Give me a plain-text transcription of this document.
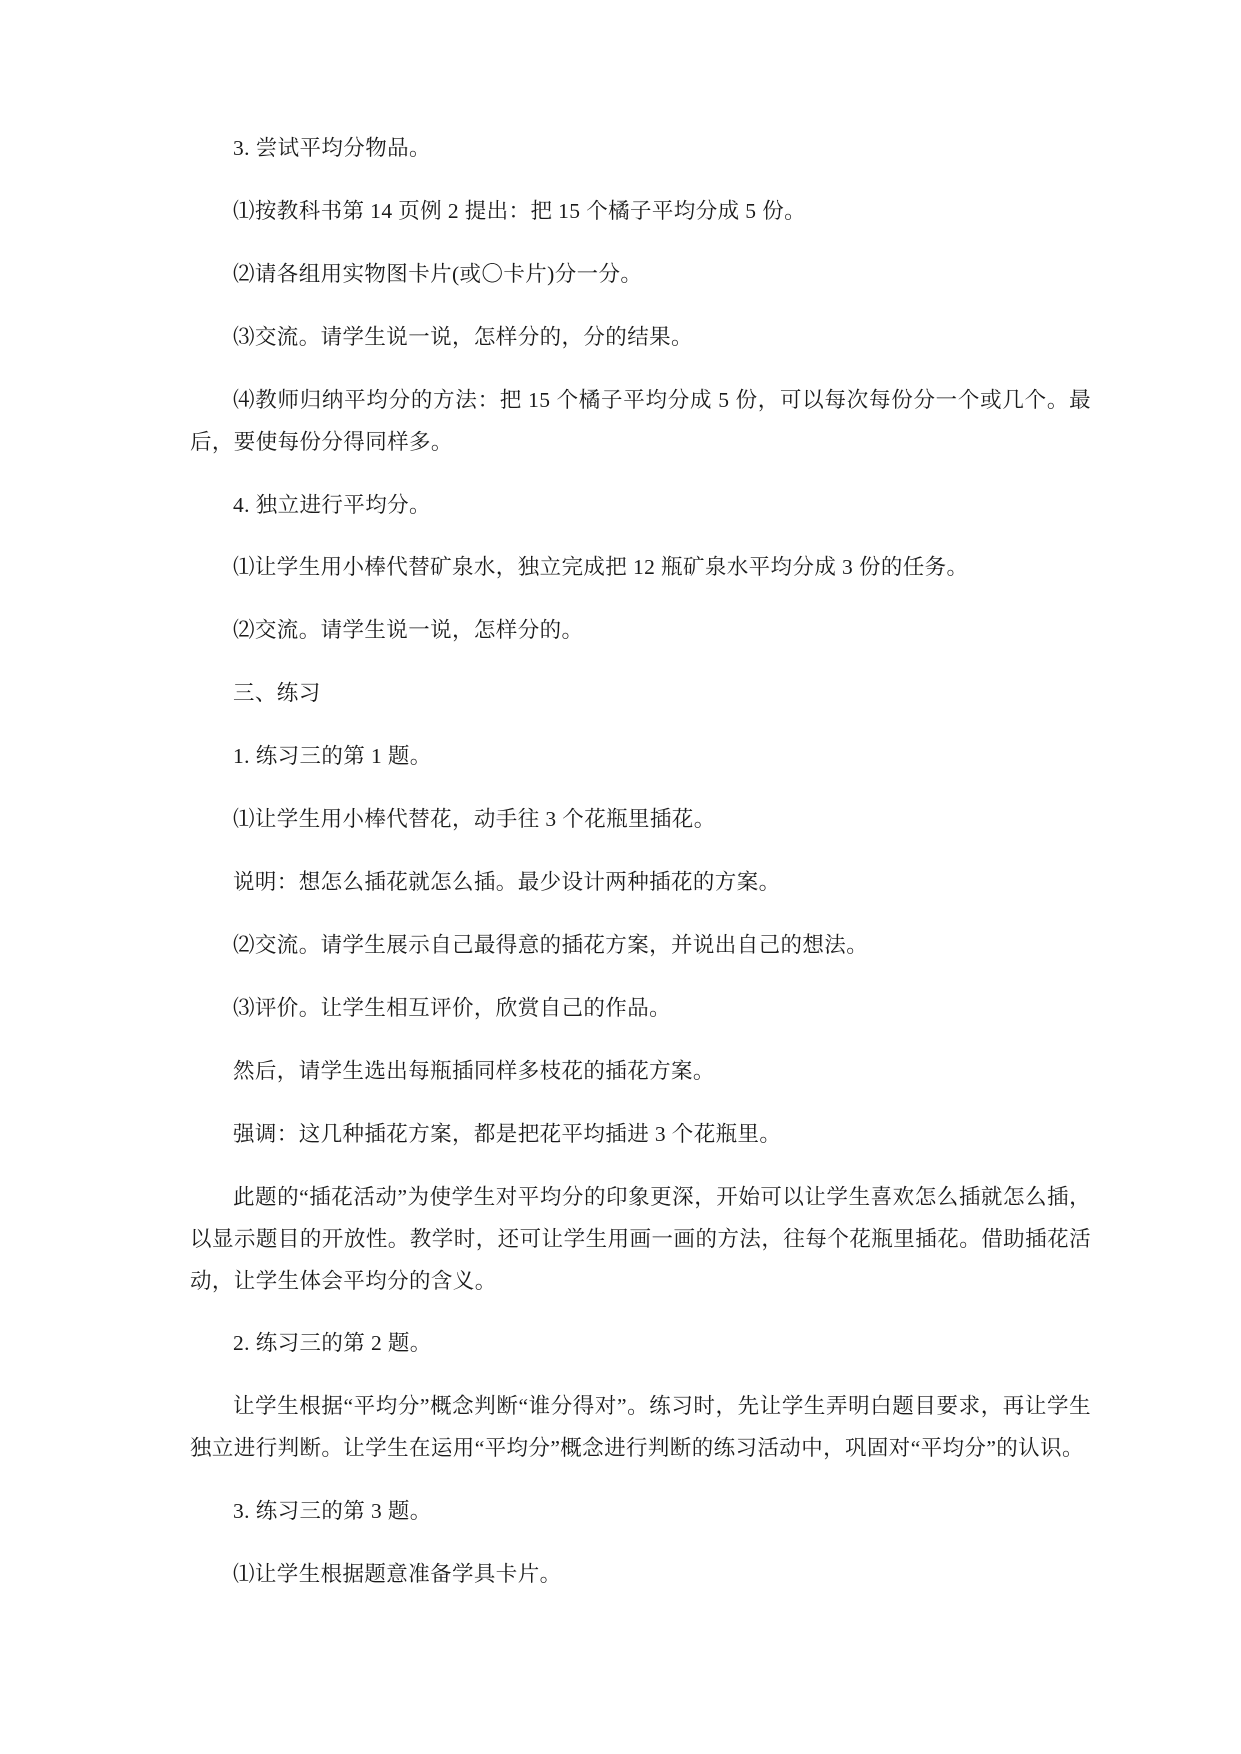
3. 尝试平均分物品。

⑴按教科书第 14 页例 2 提出：把 15 个橘子平均分成 5 份。

⑵请各组用实物图卡片(或〇卡片)分一分。

⑶交流。请学生说一说，怎样分的，分的结果。

⑷教师归纳平均分的方法：把 15 个橘子平均分成 5 份，可以每次每份分一个或几个。最后，要使每份分得同样多。

4. 独立进行平均分。

⑴让学生用小棒代替矿泉水，独立完成把 12 瓶矿泉水平均分成 3 份的任务。

⑵交流。请学生说一说，怎样分的。

三、练习

1. 练习三的第 1 题。

⑴让学生用小棒代替花，动手往 3 个花瓶里插花。

说明：想怎么插花就怎么插。最少设计两种插花的方案。

⑵交流。请学生展示自己最得意的插花方案，并说出自己的想法。

⑶评价。让学生相互评价，欣赏自己的作品。

然后，请学生选出每瓶插同样多枝花的插花方案。

强调：这几种插花方案，都是把花平均插进 3 个花瓶里。

此题的“插花活动”为使学生对平均分的印象更深，开始可以让学生喜欢怎么插就怎么插，以显示题目的开放性。教学时，还可让学生用画一画的方法，往每个花瓶里插花。借助插花活动，让学生体会平均分的含义。

2. 练习三的第 2 题。

让学生根据“平均分”概念判断“谁分得对”。练习时，先让学生弄明白题目要求，再让学生独立进行判断。让学生在运用“平均分”概念进行判断的练习活动中，巩固对“平均分”的认识。

3. 练习三的第 3 题。

⑴让学生根据题意准备学具卡片。
